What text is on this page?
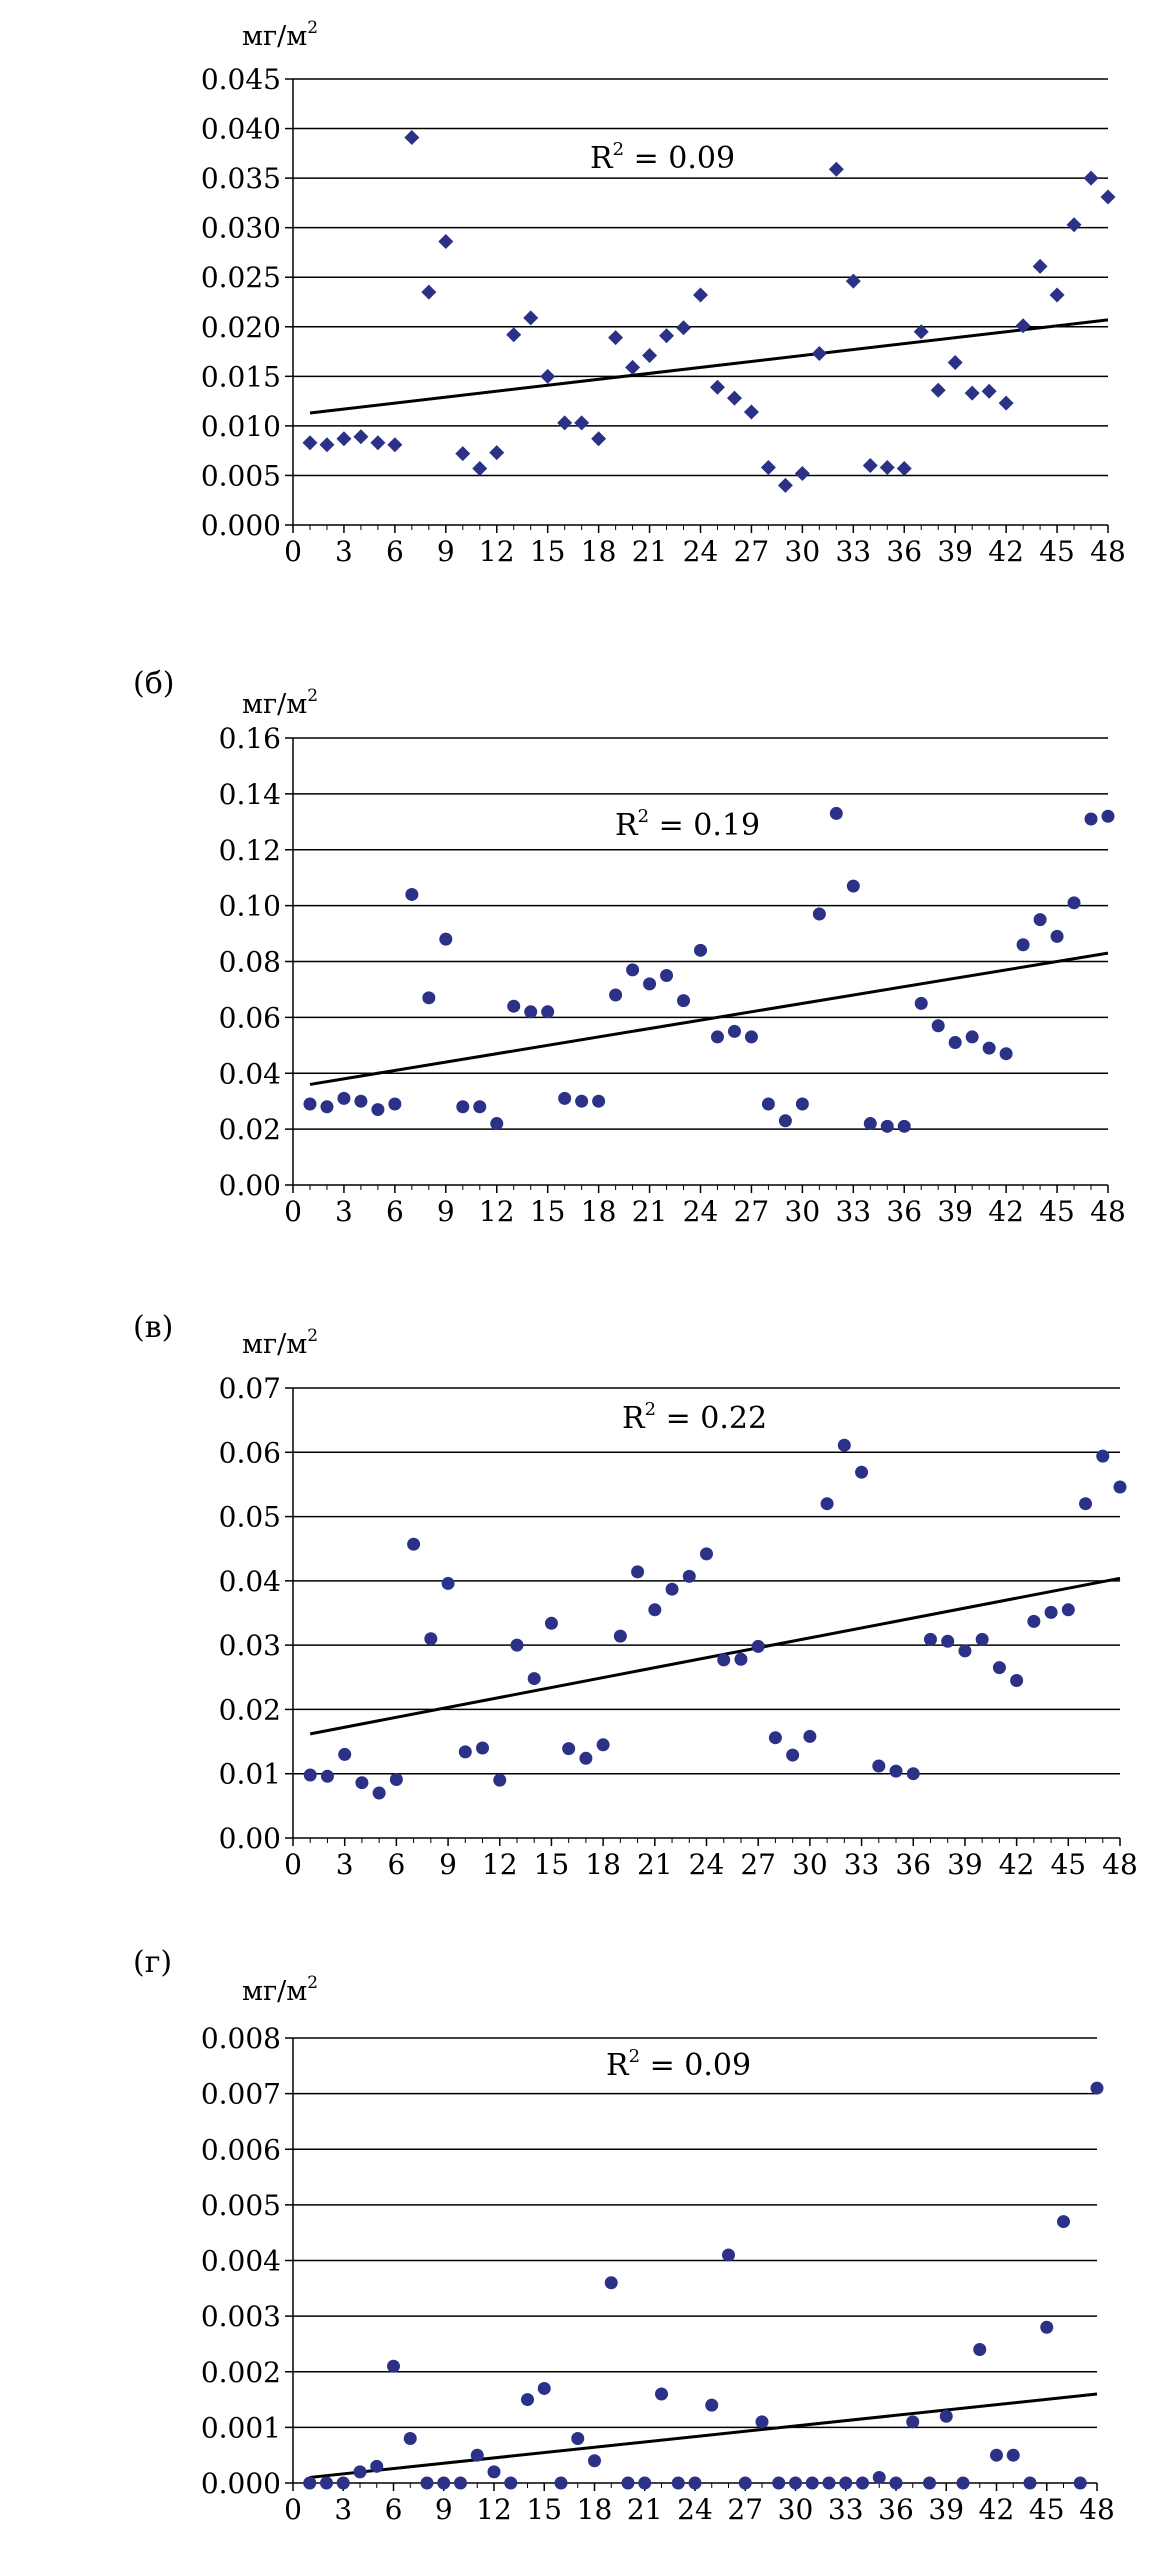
$мг/м^2$
0.000
0.005
0.010
0.015
0.020
0.025
0.030
0.035
0.040
0.045
0 3 6 9 12 15 18 21 24 27 30 33 36 39 42 45 48
$R^2 = 0.09$
(б)
$мг/м^2$
0.00
0.02
0.04
0.06
0.08
0.10
0.12
0.14
0.16
0 3 6 9 12 15 18 21 24 27 30 33 36 39 42 45 48
$R^2 = 0.19$
(в)	$мг/м^2$
0.00
0.01
0.02
0.03
0.04
0.05
0.06
0.07
0 3 6 9 12 15 18 21 24 27 30 33 36 39 42 45 48
$R^2 = 0.22$
(г)
$мг/м^2$
0.000
0.001
0.002
0.003
0.004
0.005
0.006
0.007
0.008
0 3 6 9 12 15 18 21 24 27 30 33 36 39 42 45 48
$R^2 = 0.09$
